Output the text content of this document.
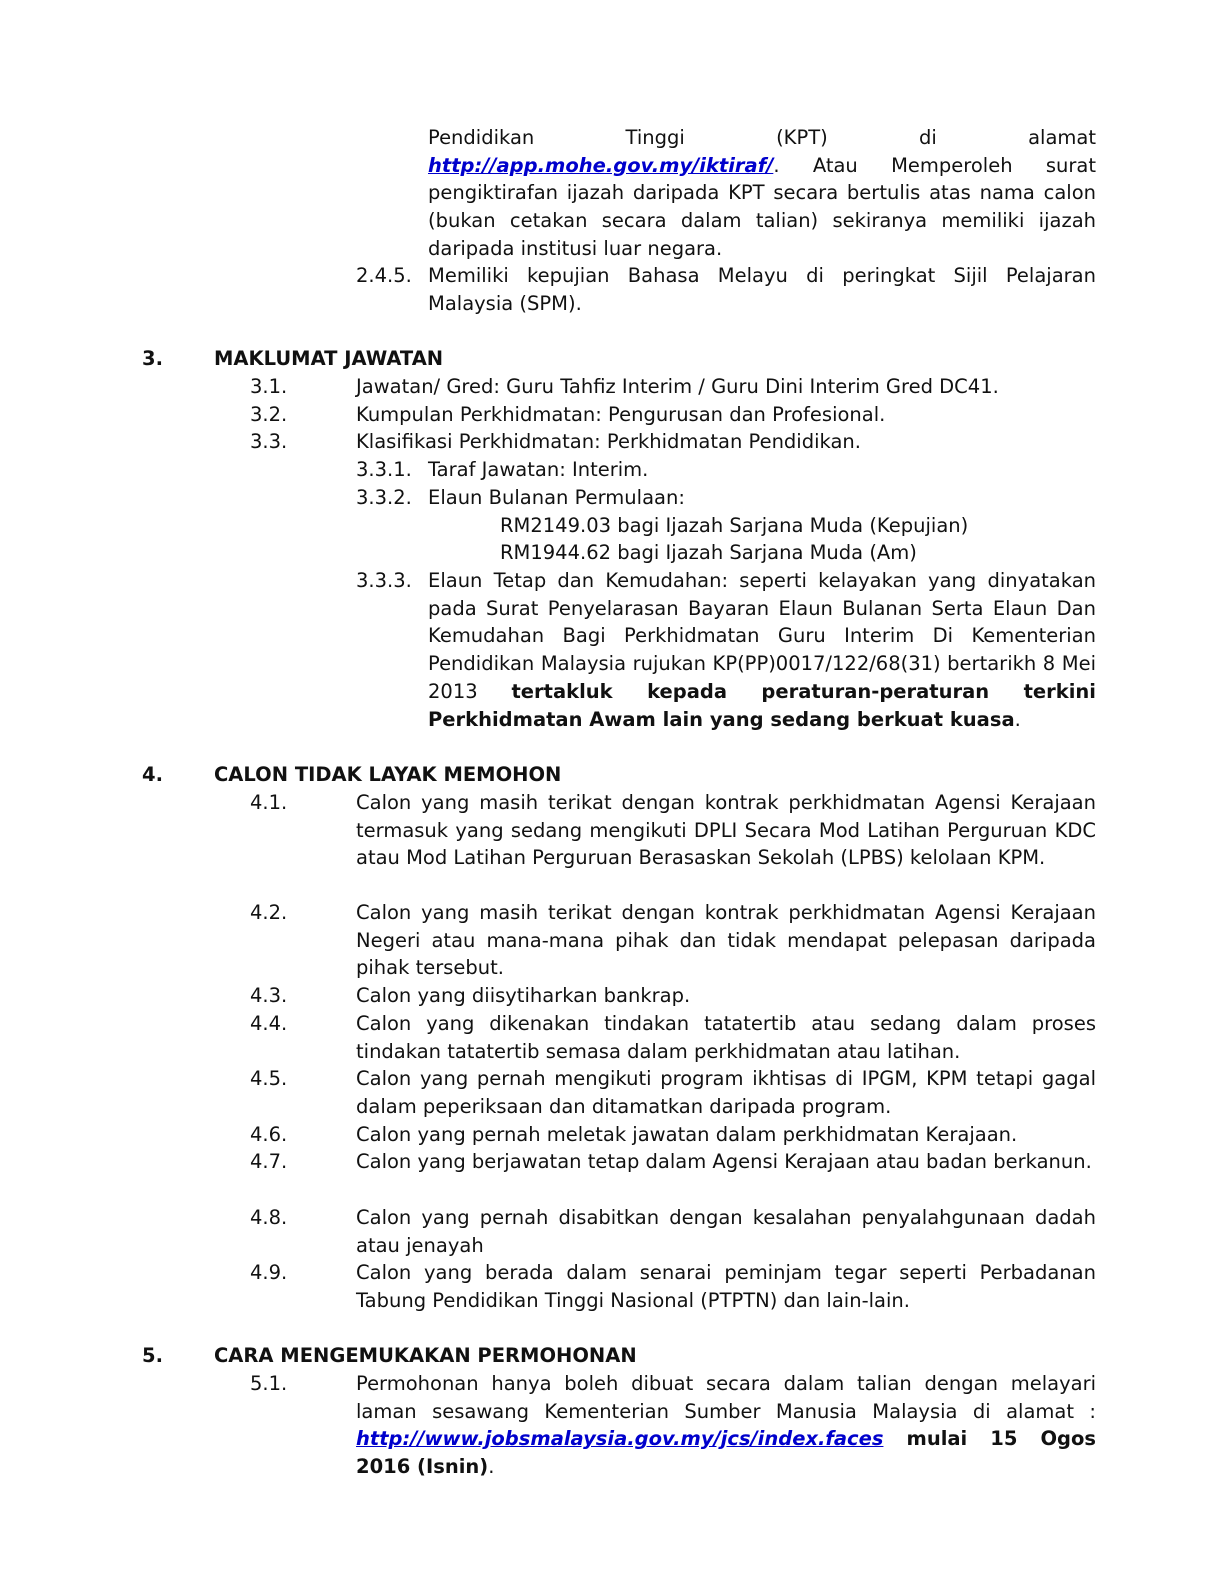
Pendidikan	Tinggi	(KPT)	di	alamat
http://app.mohe.gov.my/iktiraf/. Atau Memperoleh surat pengiktirafan ijazah daripada KPT secara bertulis atas nama calon (bukan cetakan secara dalam talian) sekiranya memiliki ijazah daripada institusi luar negara.
2.4.5. Memiliki kepujian Bahasa Melayu di peringkat Sijil Pelajaran Malaysia (SPM).
3.	MAKLUMAT JAWATAN
3.1.	Jawatan/ Gred: Guru Tahfiz Interim / Guru Dini Interim Gred DC41.
3.2.	Kumpulan Perkhidmatan: Pengurusan dan Profesional.
3.3.	Klasifikasi Perkhidmatan: Perkhidmatan Pendidikan.
3.3.1. Taraf Jawatan: Interim.
3.3.2. Elaun Bulanan Permulaan:
RM2149.03 bagi Ijazah Sarjana Muda (Kepujian)
RM1944.62 bagi Ijazah Sarjana Muda (Am)
3.3.3. Elaun Tetap dan Kemudahan: seperti kelayakan yang dinyatakan pada Surat Penyelarasan Bayaran Elaun Bulanan Serta Elaun Dan Kemudahan Bagi Perkhidmatan Guru Interim Di Kementerian Pendidikan Malaysia rujukan KP(PP)0017/122/68(31) bertarikh 8 Mei 2013 tertakluk kepada peraturan-peraturan terkini Perkhidmatan Awam lain yang sedang berkuat kuasa.
4.	CALON TIDAK LAYAK MEMOHON
4.1.	Calon yang masih terikat dengan kontrak perkhidmatan Agensi Kerajaan termasuk yang sedang mengikuti DPLI Secara Mod Latihan Perguruan KDC atau Mod Latihan Perguruan Berasaskan Sekolah (LPBS) kelolaan KPM.
4.2.	Calon yang masih terikat dengan kontrak perkhidmatan Agensi Kerajaan Negeri atau mana-mana pihak dan tidak mendapat pelepasan daripada pihak tersebut.
4.3.	Calon yang diisytiharkan bankrap.
4.4.	Calon yang dikenakan tindakan tatatertib atau sedang dalam proses tindakan tatatertib semasa dalam perkhidmatan atau latihan.
4.5.	Calon yang pernah mengikuti program ikhtisas di IPGM, KPM tetapi gagal dalam peperiksaan dan ditamatkan daripada program.
4.6.	Calon yang pernah meletak jawatan dalam perkhidmatan Kerajaan.
4.7.	Calon yang berjawatan tetap dalam Agensi Kerajaan atau badan berkanun.
4.8.	Calon yang pernah disabitkan dengan kesalahan penyalahgunaan dadah atau jenayah
4.9.	Calon yang berada dalam senarai peminjam tegar seperti Perbadanan Tabung Pendidikan Tinggi Nasional (PTPTN) dan lain-lain.
5.	CARA MENGEMUKAKAN PERMOHONAN
5.1.	Permohonan hanya boleh dibuat secara dalam talian dengan melayari laman sesawang Kementerian Sumber Manusia Malaysia di alamat : http://www.jobsmalaysia.gov.my/jcs/index.faces mulai 15 Ogos 2016 (Isnin).
